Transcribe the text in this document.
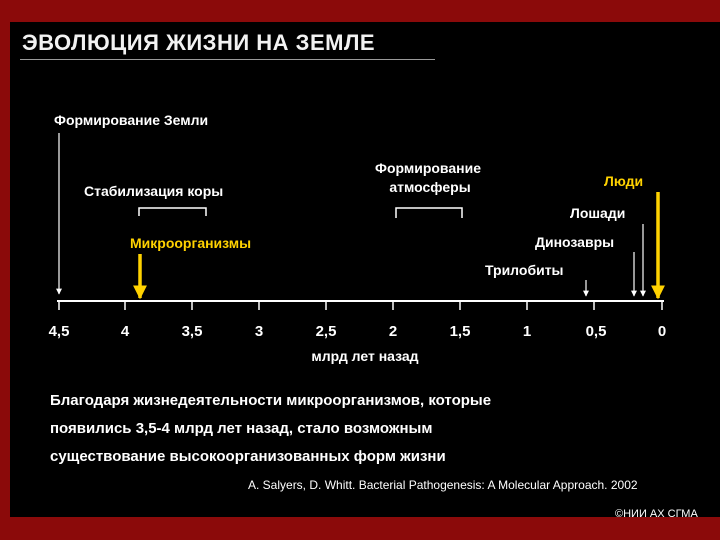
ЭВОЛЮЦИЯ ЖИЗНИ НА ЗЕМЛЕ
Формирование Земли
Стабилизация коры
Микроорганизмы
Формирование
атмосферы	Люди
Лошади
Динозавры
Трилобиты
4,5	4	3,5	3	2,5	2	1,5	1	0,5	0
млрд лет назад
Благодаря жизнедеятельности микроорганизмов, которые
появились 3,5-4 млрд лет назад, стало возможным
существование высокоорганизованных форм жизни
A. Salyers, D. Whitt. Bacterial Pathogenesis: A Molecular Approach. 2002
©НИИ АХ СГМА
